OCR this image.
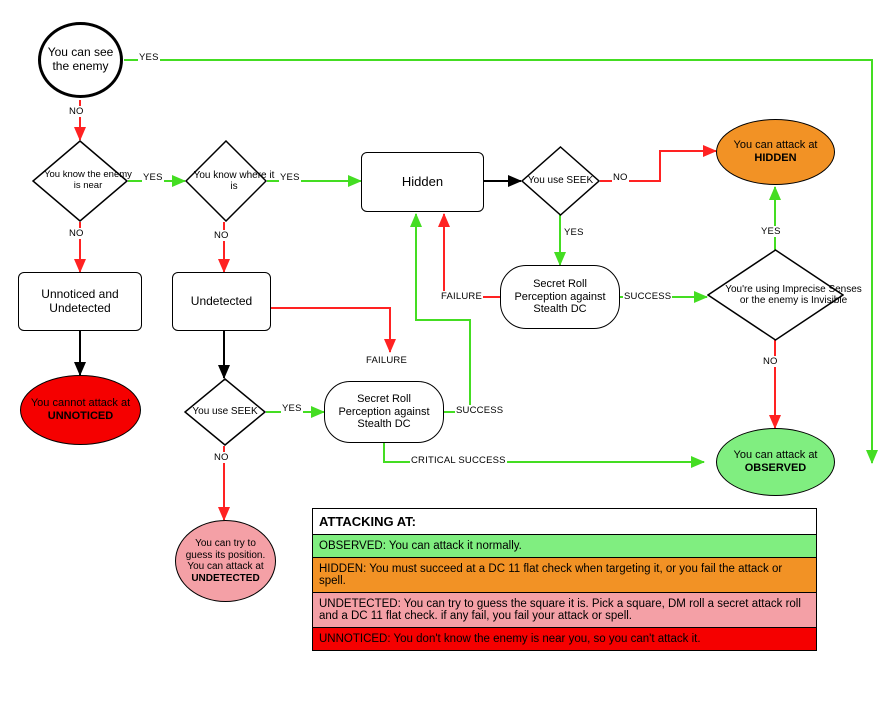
You can see the enemy
You know the enemy is near
You know where it is	Hidden	You use SEEK
You can attack at
HIDDEN
Unnoticed and
Undetected	Undetected
Secret Roll
Perception against
Stealth DC
You're using Imprecise Senses or the enemy is Invisible
You cannot attack at
UNNOTICED	You use SEEK
Secret Roll
Perception against
Stealth DC
You can attack at
OBSERVED
You can try to guess its position.
You can attack at
UNDETECTED
YES
NO
YES
NO
YES
NO
NO
YES
FAILURE	SUCCESS
YES
NO
FAILURE
YES
NO
SUCCESS
CRITICAL SUCCESS
ATTACKING AT:
OBSERVED: You can attack it normally.
HIDDEN: You must succeed at a DC 11 flat check when targeting it, or you fail the attack or spell.
UNDETECTED: You can try to guess the square it is. Pick a square, DM roll a secret attack roll and a DC 11 flat check. if any fail, you fail your attack or spell.
UNNOTICED: You don't know the enemy is near you, so you can't attack it.
